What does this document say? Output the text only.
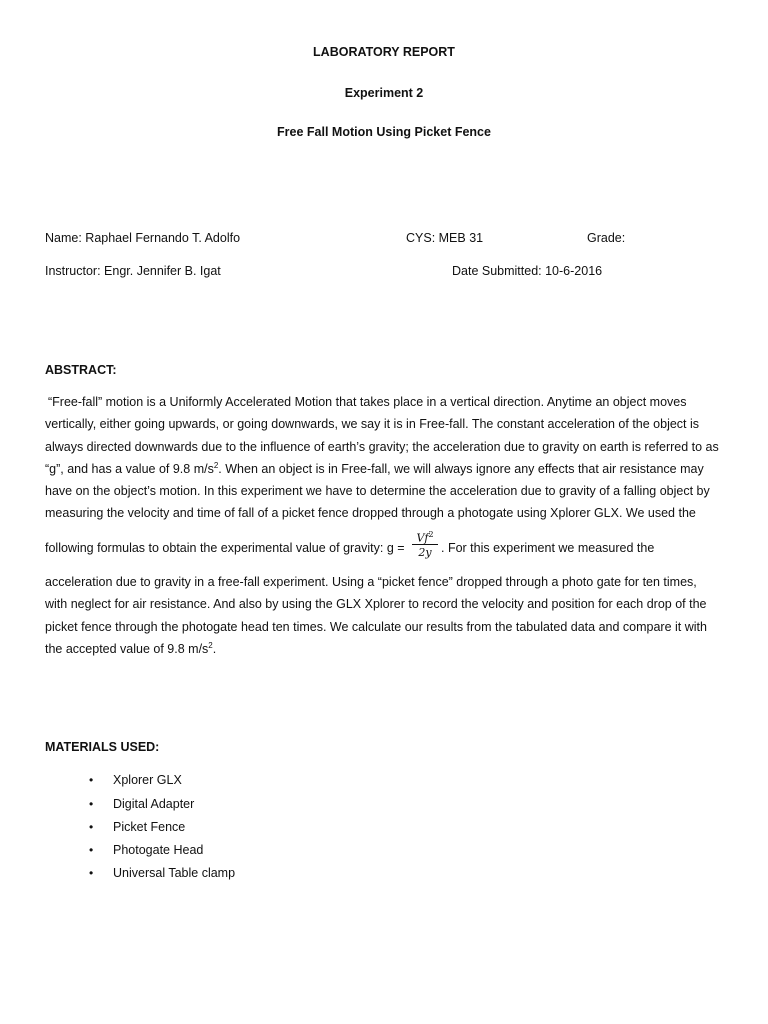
LABORATORY REPORT
Experiment 2
Free Fall Motion Using Picket Fence
Name: Raphael Fernando T. Adolfo	CYS: MEB 31	Grade:
Instructor: Engr. Jennifer B. Igat	Date Submitted: 10-6-2016
ABSTRACT:
“Free-fall” motion is a Uniformly Accelerated Motion that takes place in a vertical direction. Anytime an object moves
vertically, either going upwards, or going downwards, we say it is in Free-fall. The constant acceleration of the object is
always directed downwards due to the influence of earth’s gravity; the acceleration due to gravity on earth is referred to as
“g”, and has a value of 9.8 $m/s^2$. When an object is in Free-fall, we will always ignore any effects that air resistance may
have on the object’s motion. In this experiment we have to determine the acceleration due to gravity of a falling object by
measuring the velocity and time of fall of a picket fence dropped through a photogate using Xplorer GLX. We used the
following formulas to obtain the experimental value of gravity: g =
$Vf^2$
2y . For this experiment we measured the
acceleration due to gravity in a free-fall experiment. Using a “picket fence” dropped through a photo gate for ten times,
with neglect for air resistance. And also by using the GLX Xplorer to record the velocity and position for each drop of the
picket fence through the photogate head ten times. We calculate our results from the tabulated data and compare it with
the accepted value of 9.8 $m/s^2$.
MATERIALS USED:
• Xplorer GLX
• Digital Adapter
• Picket Fence
• Photogate Head
• Universal Table clamp
